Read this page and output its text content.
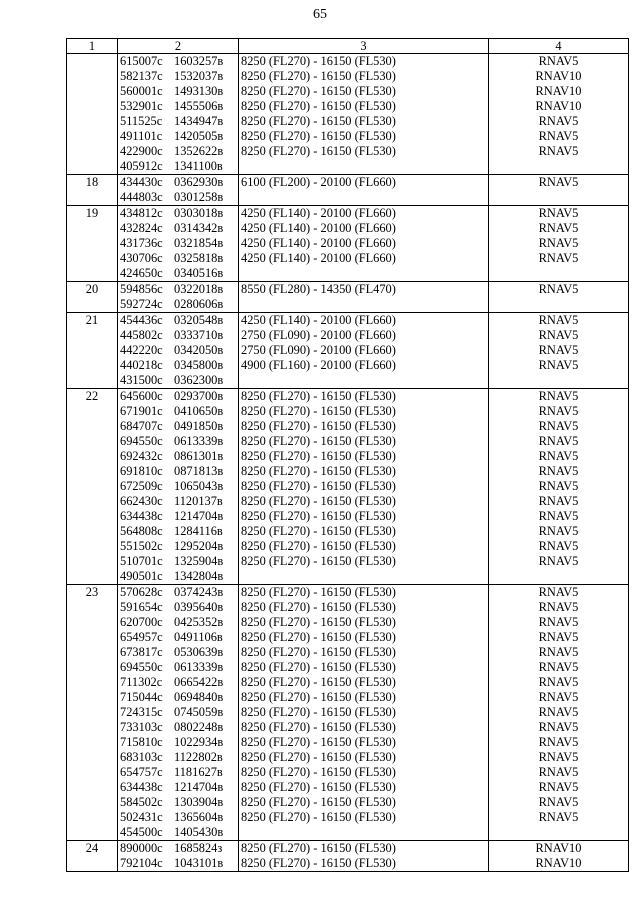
65
1	2	3	4
	615007с 1603257в	8250 (FL270) - 16150 (FL530)	RNAV5
	582137с 1532037в	8250 (FL270) - 16150 (FL530)	RNAV10
	560001с 1493130в	8250 (FL270) - 16150 (FL530)	RNAV10
	532901с 1455506в	8250 (FL270) - 16150 (FL530)	RNAV10
	511525с 1434947в	8250 (FL270) - 16150 (FL530)	RNAV5
	491101с 1420505в	8250 (FL270) - 16150 (FL530)	RNAV5
	422900с 1352622в	8250 (FL270) - 16150 (FL530)	RNAV5
	405912с 1341100в		
18	434430с 0362930в	6100 (FL200) - 20100 (FL660)	RNAV5
	444803с 0301258в		
19	434812с 0303018в	4250 (FL140) - 20100 (FL660)	RNAV5
	432824с 0314342в	4250 (FL140) - 20100 (FL660)	RNAV5
	431736с 0321854в	4250 (FL140) - 20100 (FL660)	RNAV5
	430706с 0325818в	4250 (FL140) - 20100 (FL660)	RNAV5
	424650с 0340516в		
20	594856с 0322018в	8550 (FL280) - 14350 (FL470)	RNAV5
	592724с 0280606в		
21	454436с 0320548в	4250 (FL140) - 20100 (FL660)	RNAV5
	445802с 0333710в	2750 (FL090) - 20100 (FL660)	RNAV5
	442220с 0342050в	2750 (FL090) - 20100 (FL660)	RNAV5
	440218с 0345800в	4900 (FL160) - 20100 (FL660)	RNAV5
	431500с 0362300в		
22	645600с 0293700в	8250 (FL270) - 16150 (FL530)	RNAV5
	671901с 0410650в	8250 (FL270) - 16150 (FL530)	RNAV5
	684707с 0491850в	8250 (FL270) - 16150 (FL530)	RNAV5
	694550с 0613339в	8250 (FL270) - 16150 (FL530)	RNAV5
	692432с 0861301в	8250 (FL270) - 16150 (FL530)	RNAV5
	691810с 0871813в	8250 (FL270) - 16150 (FL530)	RNAV5
	672509с 1065043в	8250 (FL270) - 16150 (FL530)	RNAV5
	662430с 1120137в	8250 (FL270) - 16150 (FL530)	RNAV5
	634438с 1214704в	8250 (FL270) - 16150 (FL530)	RNAV5
	564808с 1284116в	8250 (FL270) - 16150 (FL530)	RNAV5
	551502с 1295204в	8250 (FL270) - 16150 (FL530)	RNAV5
	510701с 1325904в	8250 (FL270) - 16150 (FL530)	RNAV5
	490501с 1342804в		
23	570628с 0374243в	8250 (FL270) - 16150 (FL530)	RNAV5
	591654с 0395640в	8250 (FL270) - 16150 (FL530)	RNAV5
	620700с 0425352в	8250 (FL270) - 16150 (FL530)	RNAV5
	654957с 0491106в	8250 (FL270) - 16150 (FL530)	RNAV5
	673817с 0530639в	8250 (FL270) - 16150 (FL530)	RNAV5
	694550с 0613339в	8250 (FL270) - 16150 (FL530)	RNAV5
	711302с 0665422в	8250 (FL270) - 16150 (FL530)	RNAV5
	715044с 0694840в	8250 (FL270) - 16150 (FL530)	RNAV5
	724315с 0745059в	8250 (FL270) - 16150 (FL530)	RNAV5
	733103с 0802248в	8250 (FL270) - 16150 (FL530)	RNAV5
	715810с 1022934в	8250 (FL270) - 16150 (FL530)	RNAV5
	683103с 1122802в	8250 (FL270) - 16150 (FL530)	RNAV5
	654757с 1181627в	8250 (FL270) - 16150 (FL530)	RNAV5
	634438с 1214704в	8250 (FL270) - 16150 (FL530)	RNAV5
	584502с 1303904в	8250 (FL270) - 16150 (FL530)	RNAV5
	502431с 1365604в	8250 (FL270) - 16150 (FL530)	RNAV5
	454500с 1405430в		
24	890000с 1685824з	8250 (FL270) - 16150 (FL530)	RNAV10
	792104с 1043101в	8250 (FL270) - 16150 (FL530)	RNAV10
